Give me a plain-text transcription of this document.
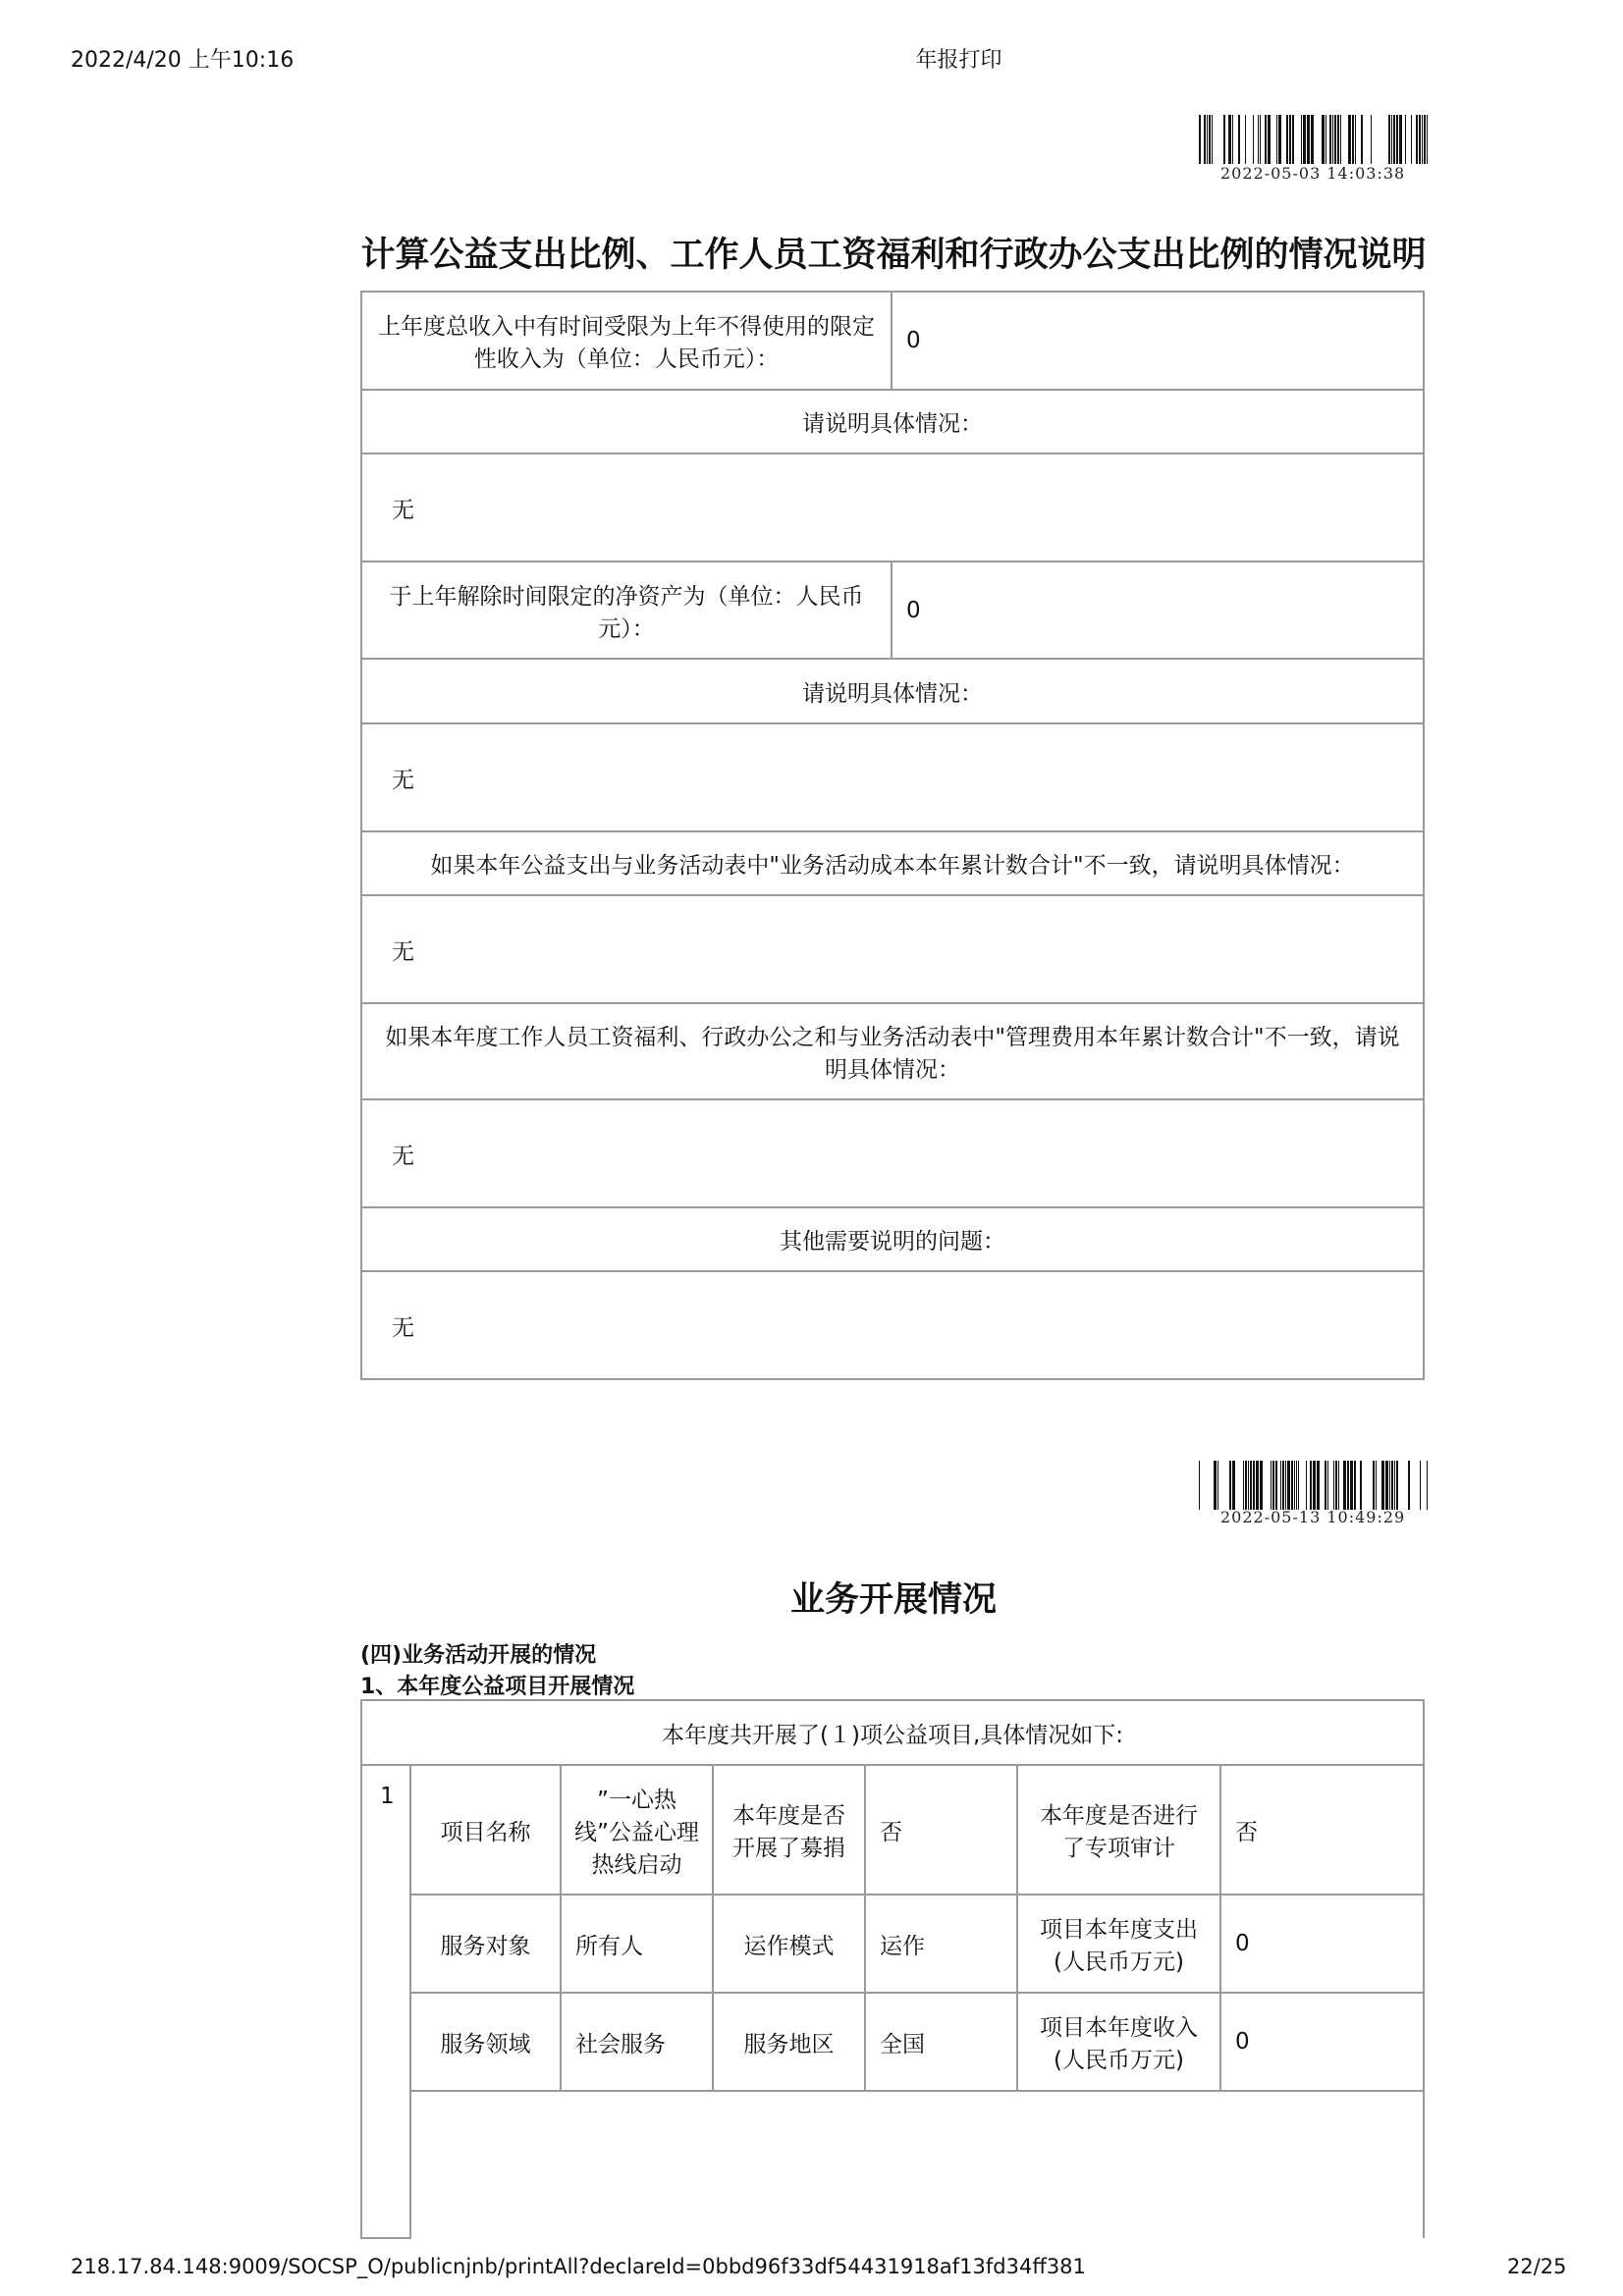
2022/4/20 上午10:16	年报打印
2022-05-03 14:03:38
计算公益支出比例、工作人员工资福利和行政办公支出比例的情况说明
上年度总收入中有时间受限为上年不得使用的限定性收入为（单位：人民币元）：	0
请说明具体情况：	
无	
于上年解除时间限定的净资产为（单位：人民币元）：	0
请说明具体情况：	
无	
如果本年公益支出与业务活动表中"业务活动成本本年累计数合计"不一致，请说明具体情况：	
无	
如果本年度工作人员工资福利、行政办公之和与业务活动表中"管理费用本年累计数合计"不一致，请说明具体情况：	
无	
其他需要说明的问题：	
无	
2022-05-13 10:49:29
业务开展情况
(四)业务活动开展的情况
1、本年度公益项目开展情况
本年度共开展了(１)项公益项目,具体情况如下:						
1	项目名称	”一心热线”公益心理热线启动	本年度是否开展了募捐	否	本年度是否进行了专项审计	否
	服务对象	所有人	运作模式	运作	项目本年度支出(人民币万元)	0
	服务领域	社会服务	服务地区	全国	项目本年度收入(人民币万元)	0

218.17.84.148:9009/SOCSP_O/publicnjnb/printAll?declareId=0bbd96f33df54431918af13fd34ff381	22/25
